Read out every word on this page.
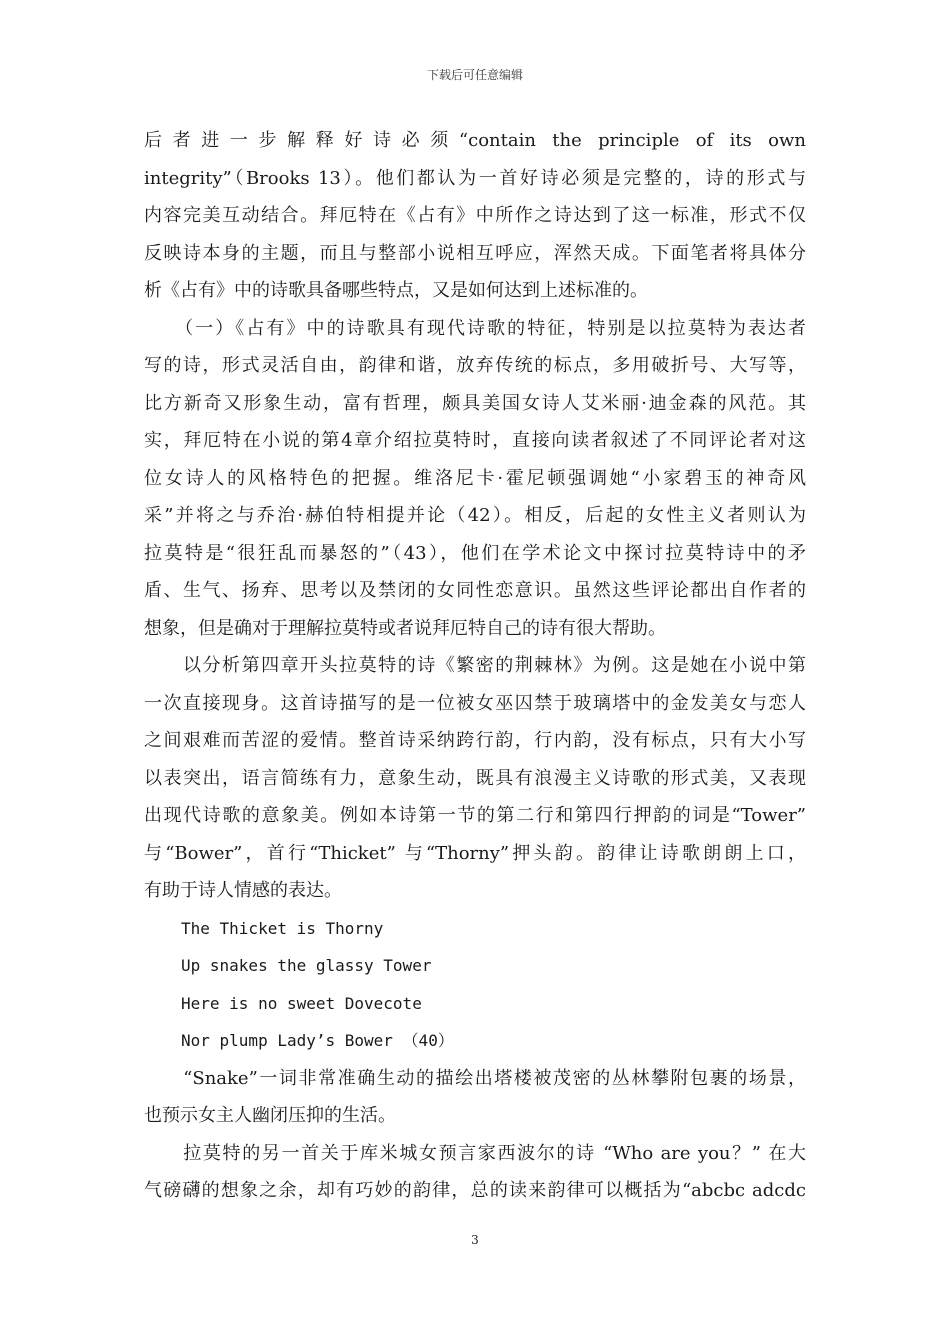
下载后可任意编辑
后者进一步解释好诗必须“contain the principle of its own
integrity”（Brooks 13）。他们都认为一首好诗必须是完整的，诗的形式与
内容完美互动结合。拜厄特在《占有》中所作之诗达到了这一标准，形式不仅
反映诗本身的主题，而且与整部小说相互呼应，浑然天成。下面笔者将具体分
析《占有》中的诗歌具备哪些特点，又是如何达到上述标准的。
　　（一）《占有》中的诗歌具有现代诗歌的特征，特别是以拉莫特为表达者
写的诗，形式灵活自由，韵律和谐，放弃传统的标点，多用破折号、大写等，
比方新奇又形象生动，富有哲理，颇具美国女诗人艾米丽·迪金森的风范。其
实，拜厄特在小说的第4章介绍拉莫特时，直接向读者叙述了不同评论者对这
位女诗人的风格特色的把握。维洛尼卡·霍尼顿强调她“小家碧玉的神奇风
采”并将之与乔治·赫伯特相提并论（42）。相反，后起的女性主义者则认为
拉莫特是“很狂乱而暴怒的”（43），他们在学术论文中探讨拉莫特诗中的矛
盾、生气、扬弃、思考以及禁闭的女同性恋意识。虽然这些评论都出自作者的
想象，但是确对于理解拉莫特或者说拜厄特自己的诗有很大帮助。
　　以分析第四章开头拉莫特的诗《繁密的荆棘林》为例。这是她在小说中第
一次直接现身。这首诗描写的是一位被女巫囚禁于玻璃塔中的金发美女与恋人
之间艰难而苦涩的爱情。整首诗采纳跨行韵，行内韵，没有标点，只有大小写
以表突出，语言简练有力，意象生动，既具有浪漫主义诗歌的形式美，又表现
出现代诗歌的意象美。例如本诗第一节的第二行和第四行押韵的词是“Tower”
与“Bower”，首行“Thicket” 与“Thorny”押头韵。韵律让诗歌朗朗上口，
有助于诗人情感的表达。
The Thicket is Thorny
Up snakes the glassy Tower
Here is no sweet Dovecote
Nor plump Lady’s Bower （40）
　　“Snake”一词非常准确生动的描绘出塔楼被茂密的丛林攀附包裹的场景，
也预示女主人幽闭压抑的生活。
　　拉莫特的另一首关于库米城女预言家西波尔的诗 “Who are you？” 在大
气磅礴的想象之余，却有巧妙的韵律，总的读来韵律可以概括为“abcbc adcdc
3
